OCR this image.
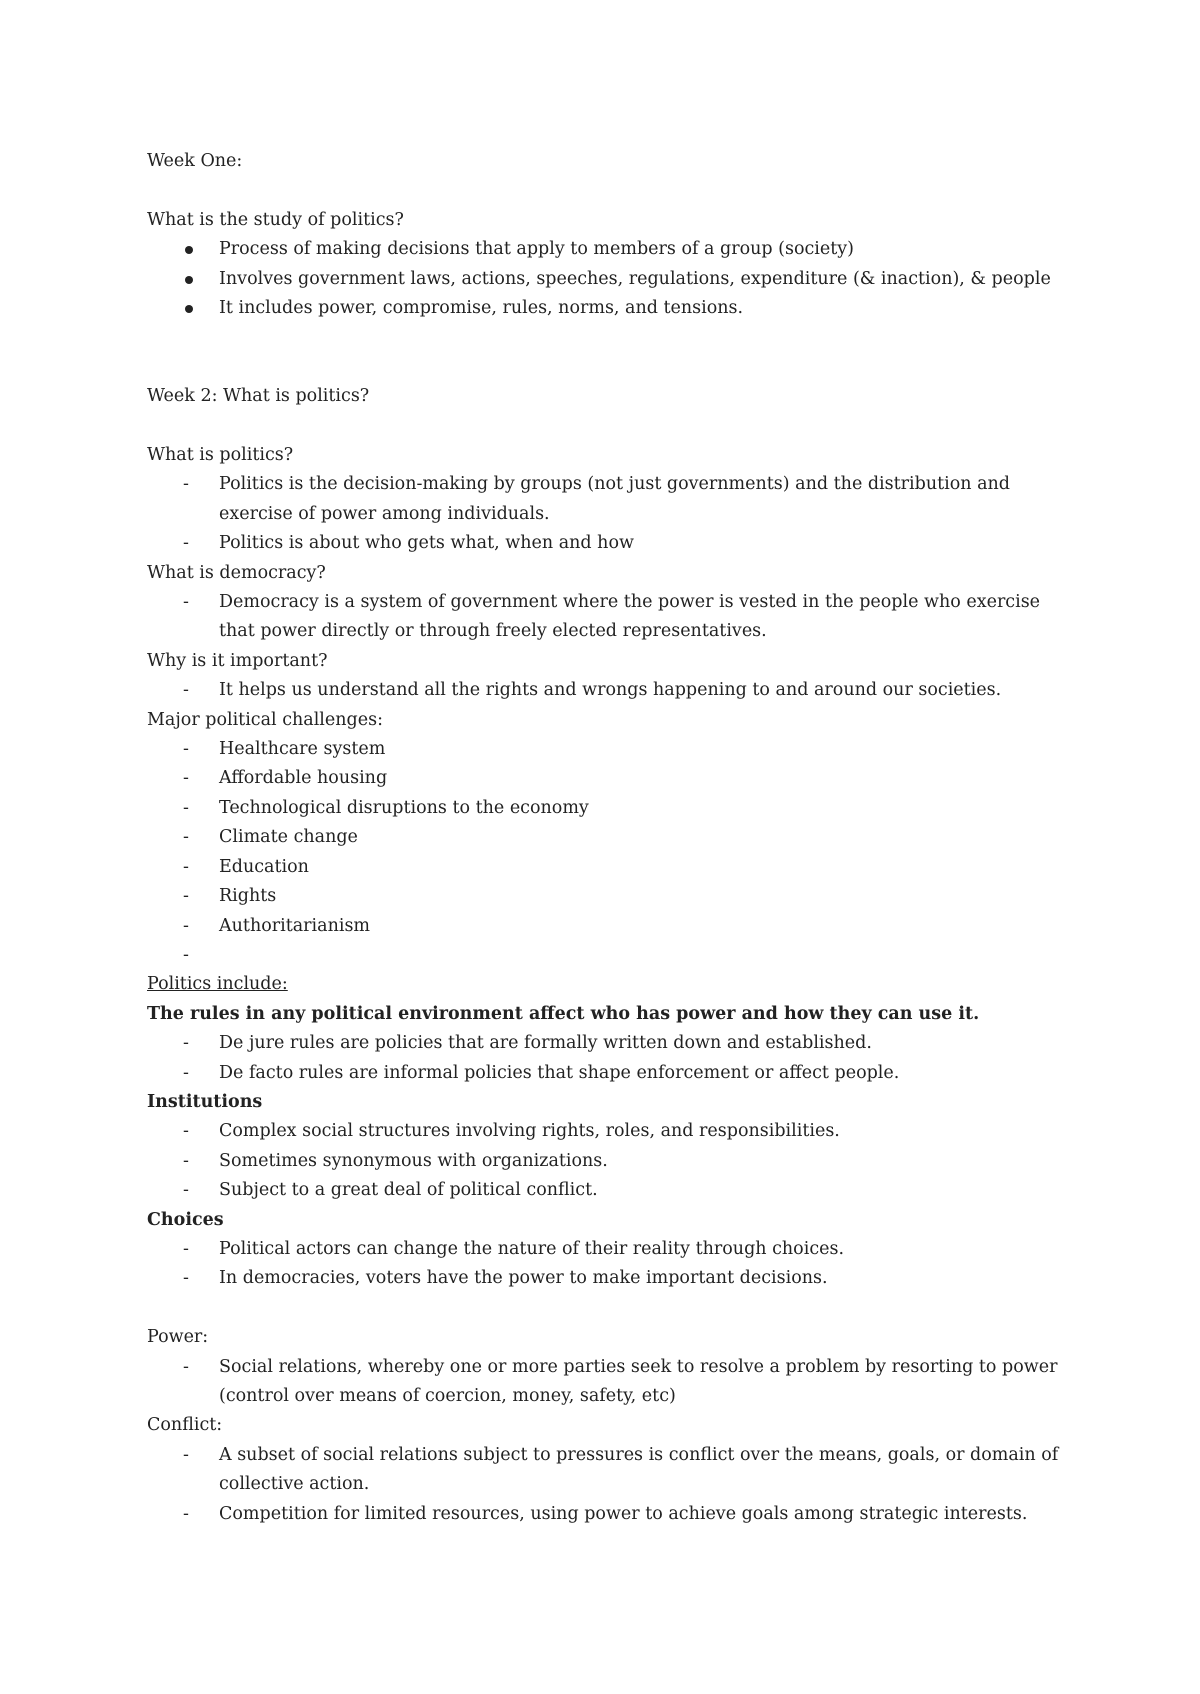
Week One:

What is the study of politics?

Process of making decisions that apply to members of a group (society)
Involves government laws, actions, speeches, regulations, expenditure (& inaction), & people
It includes power, compromise, rules, norms, and tensions.

Week 2: What is politics?

What is politics?

- Politics is the decision-making by groups (not just governments) and the distribution and exercise of power among individuals.
- Politics is about who gets what, when and how

What is democracy?

- Democracy is a system of government where the power is vested in the people who exercise that power directly or through freely elected representatives.

Why is it important?

- It helps us understand all the rights and wrongs happening to and around our societies.

Major political challenges:

- Healthcare system
- Affordable housing
- Technological disruptions to the economy
- Climate change
- Education
- Rights
- Authoritarianism
-

Politics include:

The rules in any political environment affect who has power and how they can use it.

- De jure rules are policies that are formally written down and established.
- De facto rules are informal policies that shape enforcement or affect people.

Institutions

- Complex social structures involving rights, roles, and responsibilities.
- Sometimes synonymous with organizations.
- Subject to a great deal of political conflict.

Choices

- Political actors can change the nature of their reality through choices.
- In democracies, voters have the power to make important decisions.

Power:

- Social relations, whereby one or more parties seek to resolve a problem by resorting to power (control over means of coercion, money, safety, etc)

Conflict:

- A subset of social relations subject to pressures is conflict over the means, goals, or domain of collective action.
- Competition for limited resources, using power to achieve goals among strategic interests.
